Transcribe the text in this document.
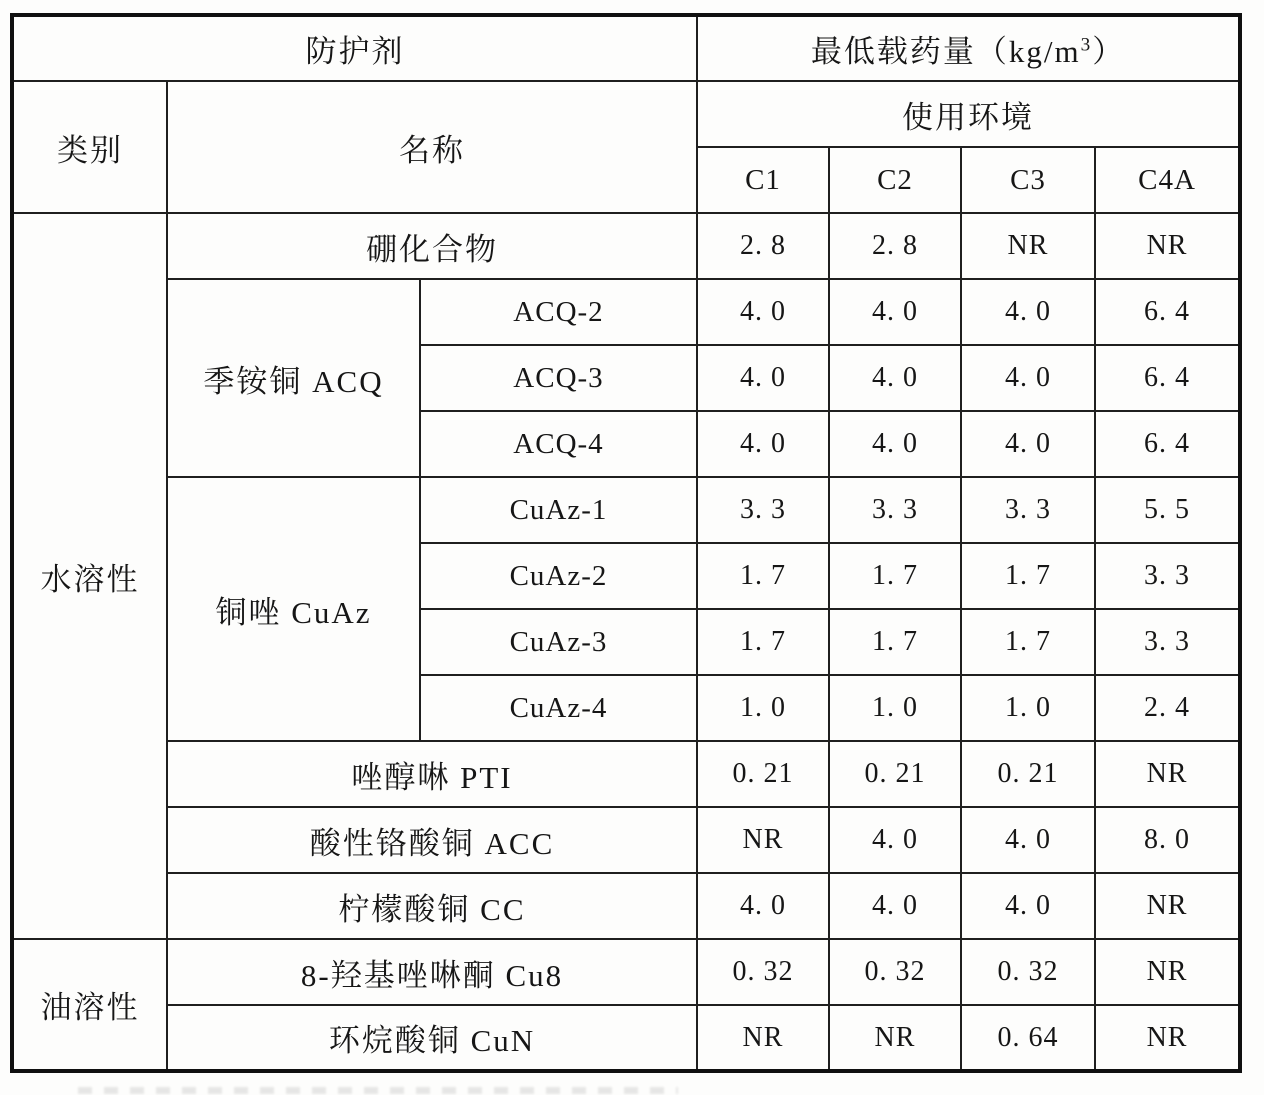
防护剂			最低载药量$(kg/m^3)$			
类别	名称		使用环境			
			C1	C2	C3	C4A
水溶性	硼化合物		2. 8	2. 8	NR	NR
	季铵铜 ACQ	ACQ-2	4. 0	4. 0	4. 0	6. 4
		ACQ-3	4. 0	4. 0	4. 0	6. 4
		ACQ-4	4. 0	4. 0	4. 0	6. 4
	铜唑 CuAz	CuAz-1	3. 3	3. 3	3. 3	5. 5
		CuAz-2	1. 7	1. 7	1. 7	3. 3
		CuAz-3	1. 7	1. 7	1. 7	3. 3
		CuAz-4	1. 0	1. 0	1. 0	2. 4
	唑醇啉 PTI		0. 21	0. 21	0. 21	NR
	酸性铬酸铜 ACC		NR	4. 0	4. 0	8. 0
	柠檬酸铜 CC		4. 0	4. 0	4. 0	NR
油溶性	8-羟基唑啉酮 Cu8		0. 32	0. 32	0. 32	NR
	环烷酸铜 CuN		NR	NR	0. 64	NR
